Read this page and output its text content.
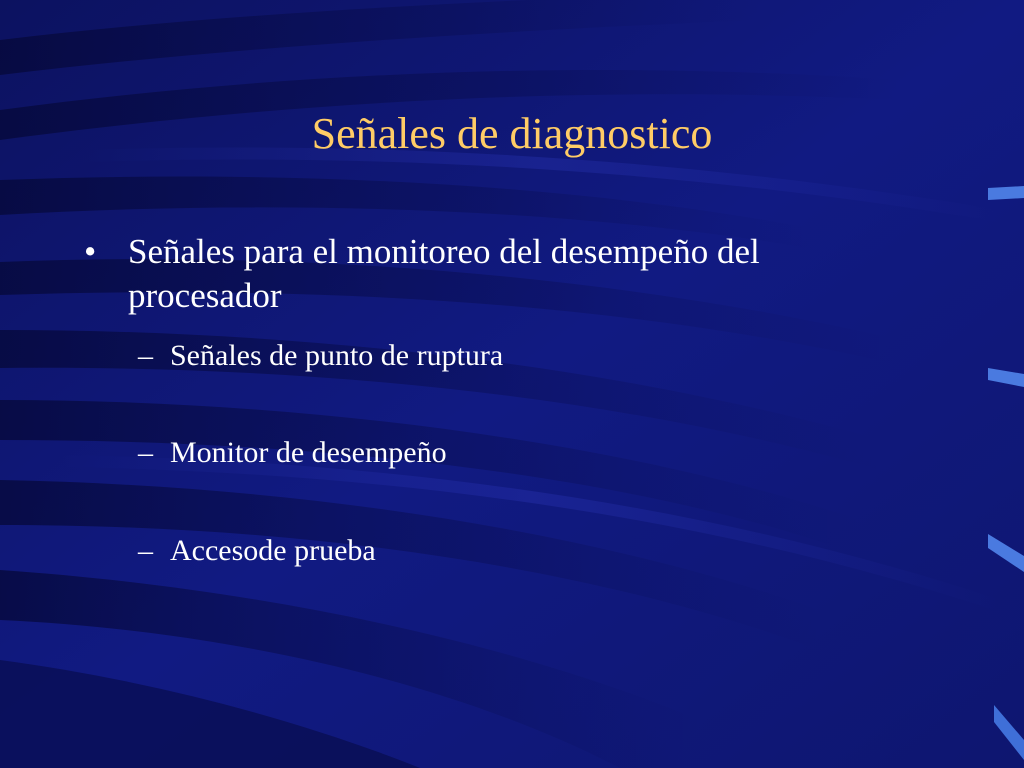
Señales de diagnostico
• Señales para el monitoreo del desempeño del procesador
– Señales de punto de ruptura
– Monitor de desempeño
– Accesode prueba
